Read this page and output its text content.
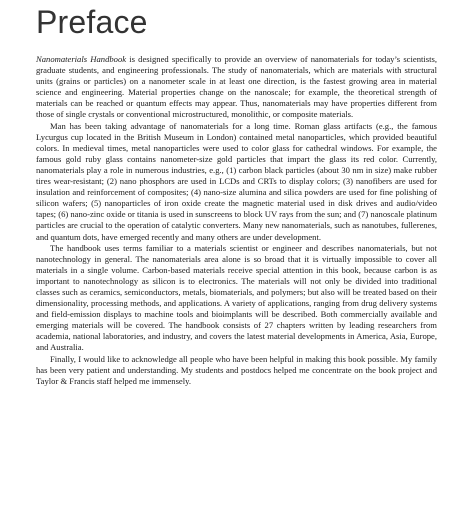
Preface

Nanomaterials Handbook is designed specifically to provide an overview of nanomaterials for today’s scientists, graduate students, and engineering professionals. The study of nanomaterials, which are materials with structural units (grains or particles) on a nanometer scale in at least one direction, is the fastest growing area in material science and engineering. Material properties change on the nanoscale; for example, the theoretical strength of materials can be reached or quantum effects may appear. Thus, nanomaterials may have properties different from those of single crystals or conventional microstructured, monolithic, or composite materials.

Man has been taking advantage of nanomaterials for a long time. Roman glass artifacts (e.g., the famous Lycurgus cup located in the British Museum in London) contained metal nanoparticles, which provided beautiful colors. In medieval times, metal nanoparticles were used to color glass for cathedral windows. For example, the famous gold ruby glass contains nanometer-size gold particles that impart the glass its red color. Currently, nanomaterials play a role in numerous industries, e.g., (1) carbon black particles (about 30 nm in size) make rubber tires wear-resistant; (2) nano phosphors are used in LCDs and CRTs to display colors; (3) nanofibers are used for insulation and reinforcement of composites; (4) nano-size alumina and silica powders are used for fine polishing of silicon wafers; (5) nanoparticles of iron oxide create the magnetic material used in disk drives and audio/video tapes; (6) nano-zinc oxide or titania is used in sunscreens to block UV rays from the sun; and (7) nanoscale platinum particles are crucial to the operation of catalytic converters. Many new nanomaterials, such as nanotubes, fullerenes, and quantum dots, have emerged recently and many others are under development.

The handbook uses terms familiar to a materials scientist or engineer and describes nanomaterials, but not nanotechnology in general. The nanomaterials area alone is so broad that it is virtually impossible to cover all materials in a single volume. Carbon-based materials receive special attention in this book, because carbon is as important to nanotechnology as silicon is to electronics. The materials will not only be divided into traditional classes such as ceramics, semiconductors, metals, biomaterials, and polymers; but also will be treated based on their dimensionality, processing methods, and applications. A variety of applications, ranging from drug delivery systems and field-emission displays to machine tools and bioimplants will be described. Both commercially available and emerging materials will be covered. The handbook consists of 27 chapters written by leading researchers from academia, national laboratories, and industry, and covers the latest material developments in America, Asia, Europe, and Australia.

Finally, I would like to acknowledge all people who have been helpful in making this book possible. My family has been very patient and understanding. My students and postdocs helped me concentrate on the book project and Taylor & Francis staff helped me immensely.
